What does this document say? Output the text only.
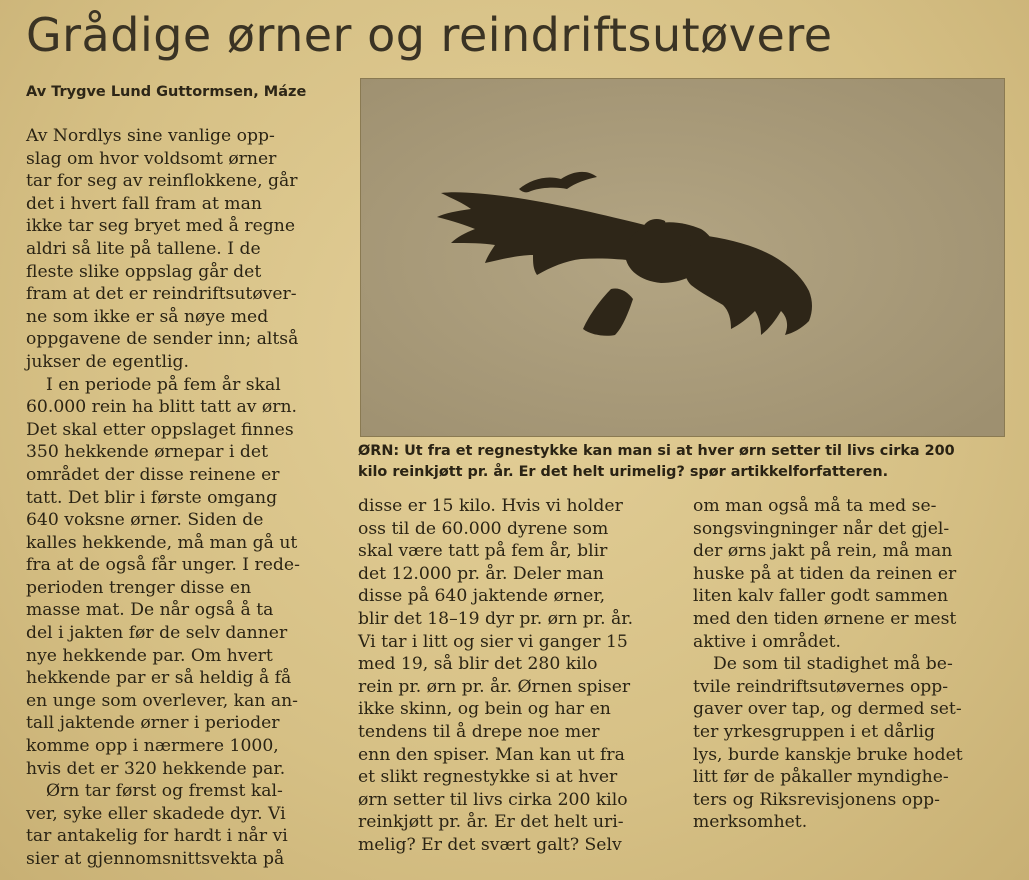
Grådige ørner og reindriftsutøvere
Av Trygve Lund Guttormsen, Máze

Av Nordlys sine vanlige opp-
slag om hvor voldsomt ørner
tar for seg av reinflokkene, går
det i hvert fall fram at man
ikke tar seg bryet med å regne
aldri så lite på tallene. I de
fleste slike oppslag går det
fram at det er reindriftsutøver-
ne som ikke er så nøye med
oppgavene de sender inn; altså
jukser de egentlig.

I en periode på fem år skal
60.000 rein ha blitt tatt av ørn.
Det skal etter oppslaget finnes
350 hekkende ørnepar i det
området der disse reinene er
tatt. Det blir i første omgang
640 voksne ørner. Siden de
kalles hekkende, må man gå ut
fra at de også får unger. I rede-
perioden trenger disse en
masse mat. De når også å ta
del i jakten før de selv danner
nye hekkende par. Om hvert
hekkende par er så heldig å få
en unge som overlever, kan an-
tall jaktende ørner i perioder
komme opp i nærmere 1000,
hvis det er 320 hekkende par.

Ørn tar først og fremst kal-
ver, syke eller skadede dyr. Vi
tar antakelig for hardt i når vi
sier at gjennomsnittsvekta på

ØRN: Ut fra et regnestykke kan man si at hver ørn setter til livs cirka 200
kilo reinkjøtt pr. år. Er det helt urimelig? spør artikkelforfatteren.

disse er 15 kilo. Hvis vi holder
oss til de 60.000 dyrene som
skal være tatt på fem år, blir
det 12.000 pr. år. Deler man
disse på 640 jaktende ørner,
blir det 18–19 dyr pr. ørn pr. år.
Vi tar i litt og sier vi ganger 15
med 19, så blir det 280 kilo
rein pr. ørn pr. år. Ørnen spiser
ikke skinn, og bein og har en
tendens til å drepe noe mer
enn den spiser. Man kan ut fra
et slikt regnestykke si at hver
ørn setter til livs cirka 200 kilo
reinkjøtt pr. år. Er det helt uri-
melig? Er det svært galt? Selv

om man også må ta med se-
songsvingninger når det gjel-
der ørns jakt på rein, må man
huske på at tiden da reinen er
liten kalv faller godt sammen
med den tiden ørnene er mest
aktive i området.

De som til stadighet må be-
tvile reindriftsutøvernes opp-
gaver over tap, og dermed set-
ter yrkesgruppen i et dårlig
lys, burde kanskje bruke hodet
litt før de påkaller myndighe-
ters og Riksrevisjonens opp-
merksomhet.
